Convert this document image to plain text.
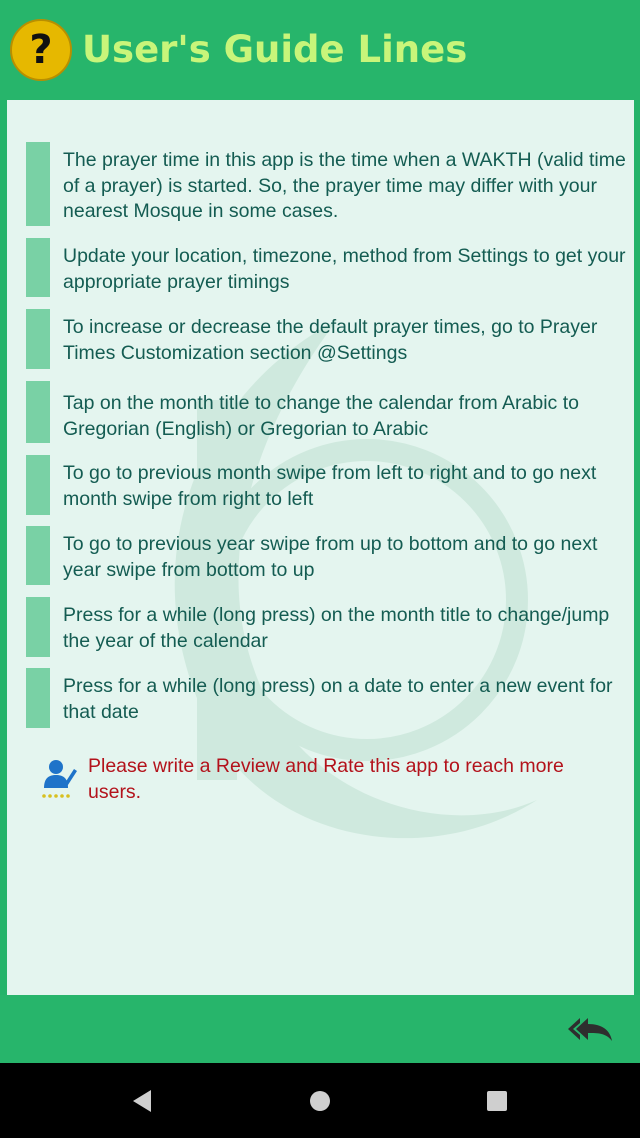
? User's Guide Lines
The prayer time in this app is the time when a WAKTH (valid time of a prayer) is started. So, the prayer time may differ with your nearest Mosque in some cases.
Update your location, timezone, method from Settings to get your appropriate prayer timings
To increase or decrease the default prayer times, go to Prayer Times Customization section @Settings
Tap on the month title to change the calendar from Arabic to Gregorian (English) or Gregorian to Arabic
To go to previous month swipe from left to right and to go next month swipe from right to left
To go to previous year swipe from up to bottom and to go next year swipe from bottom to up
Press for a while (long press) on the month title to change/jump the year of the calendar
Press for a while (long press) on a date to enter a new event for that date
Please write a Review and Rate this app to reach more users.
